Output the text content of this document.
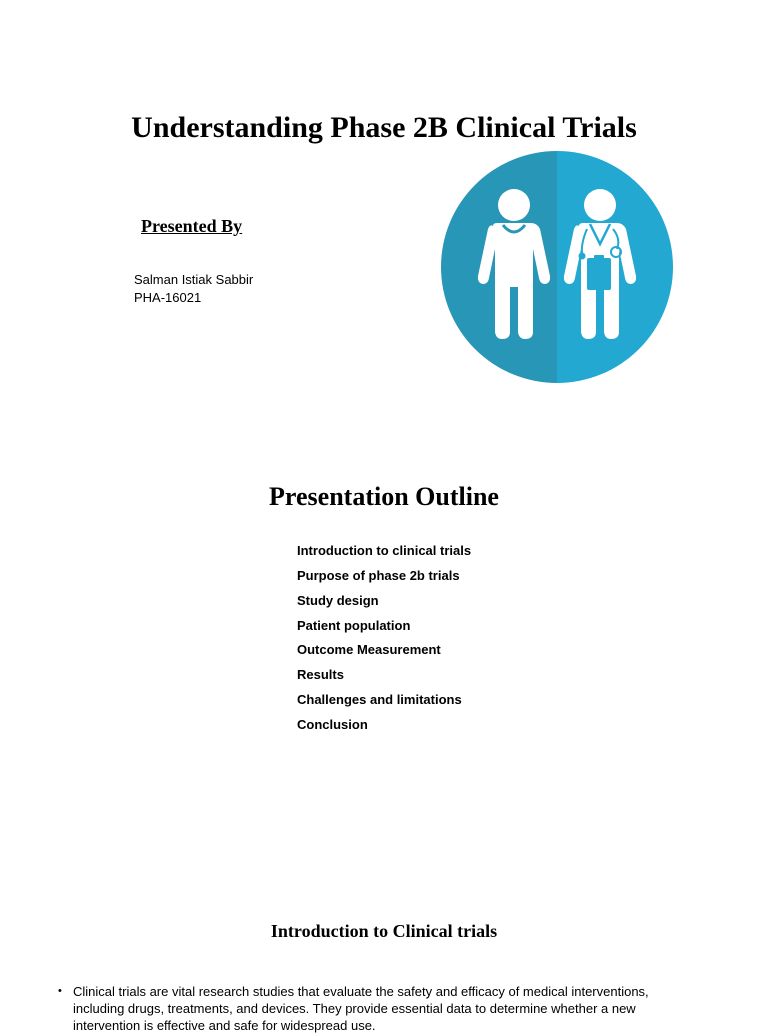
Understanding Phase 2B Clinical Trials
Presented By
Salman Istiak Sabbir
PHA-16021
Presentation Outline
Introduction to clinical trials
Purpose of phase 2b trials
Study design
Patient population
Outcome Measurement
Results
Challenges and limitations
Conclusion
Introduction to Clinical trials
• Clinical trials are vital research studies that evaluate the safety and efficacy of medical interventions, including drugs, treatments, and devices. They provide essential data to determine whether a new intervention is effective and safe for widespread use.
